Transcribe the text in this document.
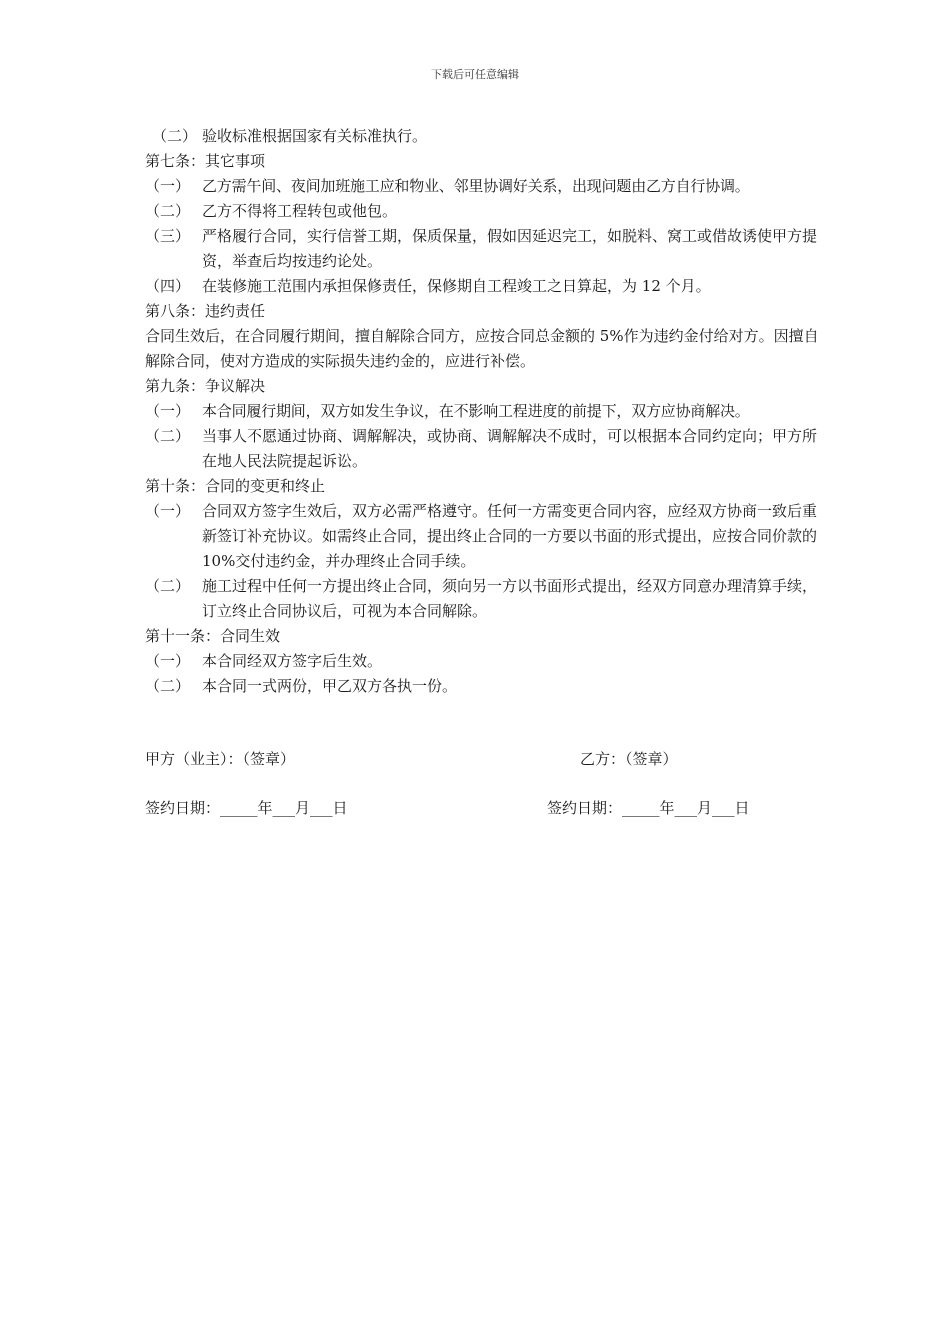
下载后可任意编辑
（二） 验收标准根据国家有关标准执行。
第七条：其它事项
（一） 乙方需午间、夜间加班施工应和物业、邻里协调好关系，出现问题由乙方自行协调。
（二） 乙方不得将工程转包或他包。
（三） 严格履行合同，实行信誉工期，保质保量，假如因延迟完工，如脱料、窝工或借故诱使甲方提资，举查后均按违约论处。
（四） 在装修施工范围内承担保修责任，保修期自工程竣工之日算起，为 12 个月。
第八条：违约责任

合同生效后，在合同履行期间，擅自解除合同方，应按合同总金额的 5%作为违约金付给对方。因擅自解除合同，使对方造成的实际损失违约金的，应进行补偿。

第九条：争议解决
（一） 本合同履行期间，双方如发生争议，在不影响工程进度的前提下，双方应协商解决。
（二） 当事人不愿通过协商、调解解决，或协商、调解解决不成时，可以根据本合同约定向；甲方所在地人民法院提起诉讼。
第十条：合同的变更和终止
（一） 合同双方签字生效后，双方必需严格遵守。任何一方需变更合同内容，应经双方协商一致后重新签订补充协议。如需终止合同，提出终止合同的一方要以书面的形式提出，应按合同价款的 10%交付违约金，并办理终止合同手续。
（二） 施工过程中任何一方提出终止合同，须向另一方以书面形式提出，经双方同意办理清算手续，订立终止合同协议后，可视为本合同解除。
第十一条：合同生效
（一） 本合同经双方签字后生效。
（二） 本合同一式两份，甲乙双方各执一份。
甲方（业主）：（签章）	乙方：（签章）
签约日期：_____年___月___日	签约日期：_____年___月___日
